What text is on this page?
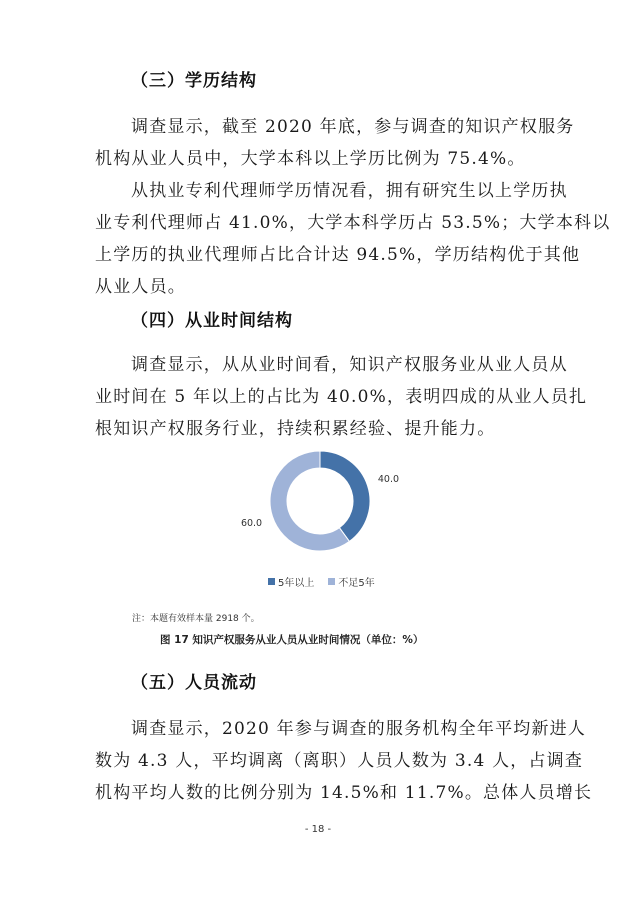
（三）学历结构
调查显示，截至 2020 年底，参与调查的知识产权服务
机构从业人员中，大学本科以上学历比例为 75.4%。
从执业专利代理师学历情况看，拥有研究生以上学历执
业专利代理师占 41.0%，大学本科学历占 53.5%；大学本科以
上学历的执业代理师占比合计达 94.5%，学历结构优于其他
从业人员。
（四）从业时间结构
调查显示，从从业时间看，知识产权服务业从业人员从
业时间在 5 年以上的占比为 40.0%，表明四成的从业人员扎
根知识产权服务行业，持续积累经验、提升能力。
40.0
60.0
5年以上 不足5年
注：本题有效样本量 2918 个。
图 17 知识产权服务从业人员从业时间情况（单位：%）
（五）人员流动
调查显示，2020 年参与调查的服务机构全年平均新进人
数为 4.3 人，平均调离（离职）人员人数为 3.4 人，占调查
机构平均人数的比例分别为 14.5%和 11.7%。总体人员增长
- 18 -
